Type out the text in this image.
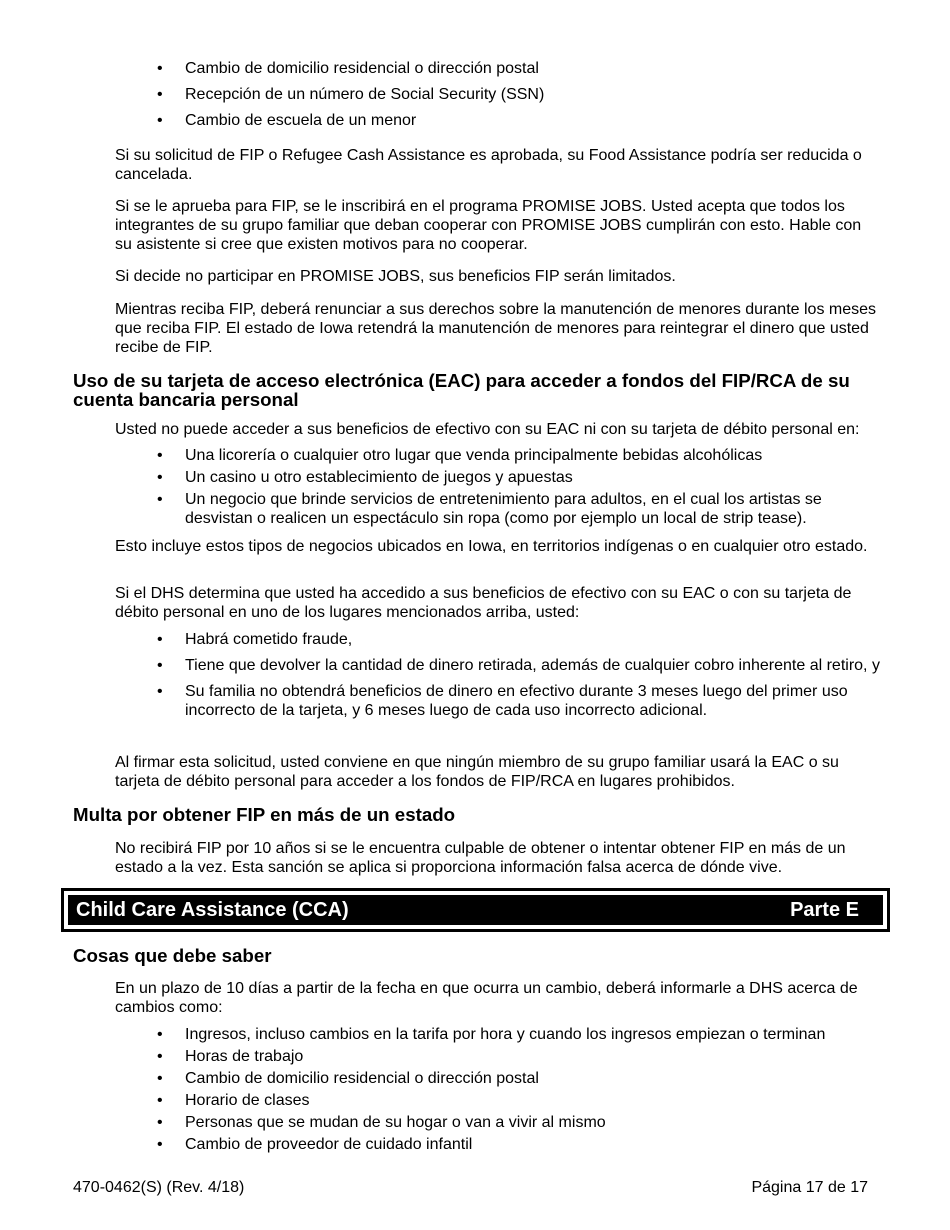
• Cambio de domicilio residencial o dirección postal
• Recepción de un número de Social Security (SSN)
• Cambio de escuela de un menor

Si su solicitud de FIP o Refugee Cash Assistance es aprobada, su Food Assistance podría ser reducida o cancelada.

Si se le aprueba para FIP, se le inscribirá en el programa PROMISE JOBS. Usted acepta que todos los integrantes de su grupo familiar que deban cooperar con PROMISE JOBS cumplirán con esto. Hable con su asistente si cree que existen motivos para no cooperar.

Si decide no participar en PROMISE JOBS, sus beneficios FIP serán limitados.

Mientras reciba FIP, deberá renunciar a sus derechos sobre la manutención de menores durante los meses que reciba FIP. El estado de Iowa retendrá la manutención de menores para reintegrar el dinero que usted recibe de FIP.

Uso de su tarjeta de acceso electrónica (EAC) para acceder a fondos del FIP/RCA de su cuenta bancaria personal

Usted no puede acceder a sus beneficios de efectivo con su EAC ni con su tarjeta de débito personal en:

• Una licorería o cualquier otro lugar que venda principalmente bebidas alcohólicas
• Un casino u otro establecimiento de juegos y apuestas
• Un negocio que brinde servicios de entretenimiento para adultos, en el cual los artistas se desvistan o realicen un espectáculo sin ropa (como por ejemplo un local de strip tease).

Esto incluye estos tipos de negocios ubicados en Iowa, en territorios indígenas o en cualquier otro estado.

Si el DHS determina que usted ha accedido a sus beneficios de efectivo con su EAC o con su tarjeta de débito personal en uno de los lugares mencionados arriba, usted:

• Habrá cometido fraude,
• Tiene que devolver la cantidad de dinero retirada, además de cualquier cobro inherente al retiro, y
• Su familia no obtendrá beneficios de dinero en efectivo durante 3 meses luego del primer uso incorrecto de la tarjeta, y 6 meses luego de cada uso incorrecto adicional.

Al firmar esta solicitud, usted conviene en que ningún miembro de su grupo familiar usará la EAC o su tarjeta de débito personal para acceder a los fondos de FIP/RCA en lugares prohibidos.

Multa por obtener FIP en más de un estado

No recibirá FIP por 10 años si se le encuentra culpable de obtener o intentar obtener FIP en más de un estado a la vez. Esta sanción se aplica si proporciona información falsa acerca de dónde vive.

Child Care Assistance (CCA)	Parte E
Cosas que debe saber

En un plazo de 10 días a partir de la fecha en que ocurra un cambio, deberá informarle a DHS acerca de cambios como:

• Ingresos, incluso cambios en la tarifa por hora y cuando los ingresos empiezan o terminan
• Horas de trabajo
• Cambio de domicilio residencial o dirección postal
• Horario de clases
• Personas que se mudan de su hogar o van a vivir al mismo
• Cambio de proveedor de cuidado infantil
470-0462(S) (Rev. 4/18)	Página 17 de 17
